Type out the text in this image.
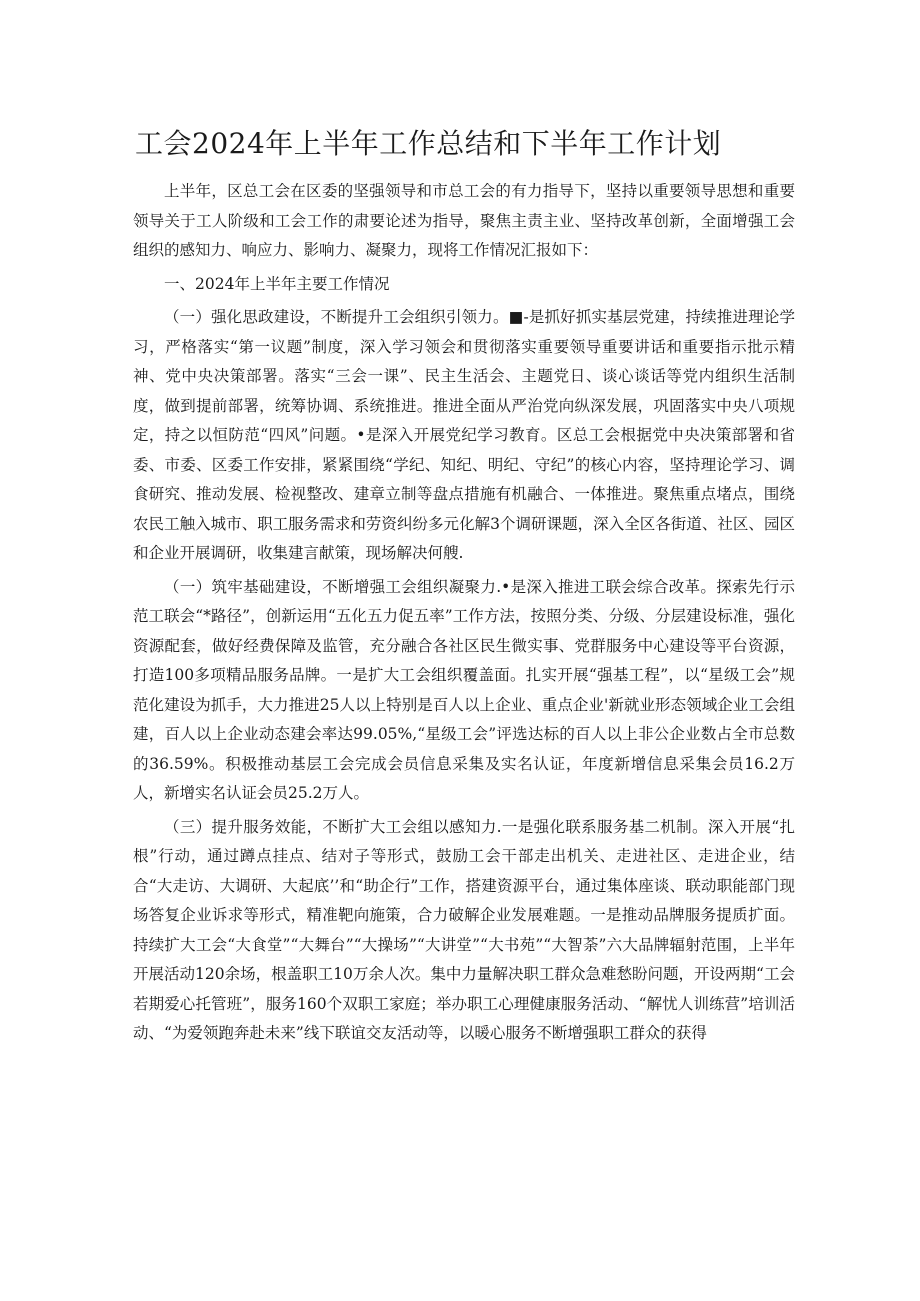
工会2024年上半年工作总结和下半年工作计划

上半年，区总工会在区委的坚强领导和市总工会的有力指导下，坚持以重要领导思想和重要领导关于工人阶级和工会工作的肃要论述为指导，聚焦主责主业、坚持改革创新，全面增强工会组织的感知力、响应力、影响力、凝聚力，现将工作情况汇报如下：

一、2024年上半年主要工作情况

（一）强化思政建设，不断提升工会组织引领力。■-是抓好抓实基层党建，持续推进理论学习，严格落实“第一议题”制度，深入学习领会和贯彻落实重要领导重要讲话和重要指示批示精神、党中央决策部署。落实“三会一课”、民主生活会、主题党日、谈心谈话等党内组织生活制度，做到提前部署，统筹协调、系统推进。推进全面从严治党向纵深发展，巩固落实中央八项规定，持之以恒防范“四风”问题。•是深入开展党纪学习教育。区总工会根据党中央决策部署和省委、市委、区委工作安排，紧紧围绕“学纪、知纪、明纪、守纪”的核心内容，坚持理论学习、调食研究、推动发展、检视整改、建章立制等盘点措施有机融合、一体推进。聚焦重点堵点，围绕农民工触入城市、职工服务需求和劳资纠纷多元化解3个调研课题，深入全区各街道、社区、园区和企业开展调研，收集建言献策，现场解决何艘.

（一）筑牢基础建设，不断增强工会组织凝聚力.•是深入推进工联会综合改革。探索先行示范工联会“*路径”，创新运用“五化五力促五率”工作方法，按照分类、分级、分层建设标准，强化资源配套，做好经费保障及监管，充分融合各社区民生微实事、党群服务中心建设等平台资源，打造100多项精品服务品牌。一是扩大工会组织覆盖面。扎实开展“强基工程”，以“星级工会”规范化建设为抓手，大力推进25人以上特别是百人以上企业、重点企业'新就业形态领域企业工会组建，百人以上企业动态建会率达99.05%,“星级工会”评选达标的百人以上非公企业数占全市总数的36.59%。积极推动基层工会完成会员信息采集及实名认证，年度新增信息采集会员16.2万人，新增实名认证会员25.2万人。

（三）提升服务效能，不断扩大工会组以感知力.一是强化联系服务基二机制。深入开展“扎根”行动，通过蹲点挂点、结对子等形式，鼓励工会干部走出机关、走进社区、走进企业，结合“大走访、大调研、大起底’’和“助企行”工作，搭建资源平台，通过集体座谈、联动职能部门现场答复企业诉求等形式，精准靶向施策，合力破解企业发展难题。一是推动品牌服务提质扩面。持续扩大工会“大食堂”“大舞台”“大操场”“大讲堂”“大书苑”“大智荼”六大品牌辐射范围，上半年开展活动120余场，根盖职工10万余人次。集中力量解决职工群众急难愁盼问题，开设两期“工会若期爱心托管班”，服务160个双职工家庭；举办职工心理健康服务活动、“解忧人训练营”培训活动、“为爱领跑奔赴未来”线下联谊交友活动等，以暖心服务不断增强职工群众的获得
